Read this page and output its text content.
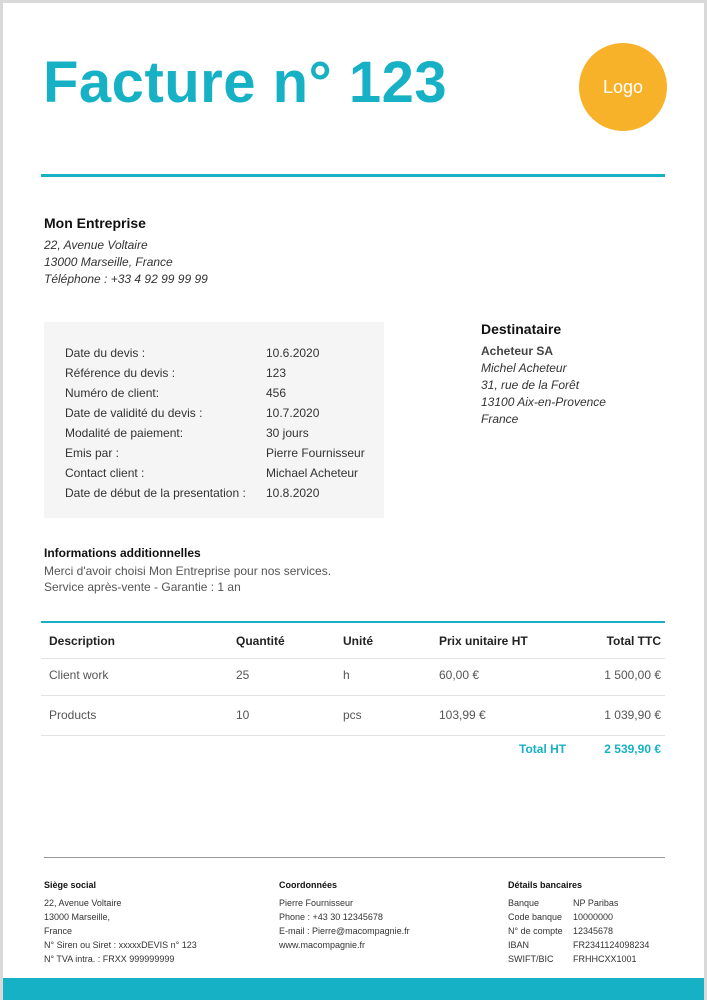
Facture n° 123	Logo
Mon Entreprise
22, Avenue Voltaire
13000 Marseille, France
Téléphone : +33 4 92 99 99 99
Date du devis :	10.6.2020
Référence du devis :	123
Numéro de client:	456
Date de validité du devis :	10.7.2020
Modalité de paiement:	30 jours
Emis par :	Pierre Fournisseur
Contact client :	Michael Acheteur
Date de début de la presentation : 10.8.2020
Destinataire
Acheteur SA
Michel Acheteur
31, rue de la Forêt
13100 Aix-en-Provence
France
Informations additionnelles
Merci d'avoir choisi Mon Entreprise pour nos services.
Service après-vente - Garantie : 1 an
Description	Quantité	Unité	Prix unitaire HT	Total TTC
Client work	25	h	60,00 €	1 500,00 €
Products	10	pcs	103,99 €	1 039,90 €
Total HT	2 539,90 €
Siège social
22, Avenue Voltaire
13000 Marseille,
France
N° Siren ou Siret : xxxxxDEVIS n° 123
N° TVA intra. : FRXX 999999999
Coordonnées
Pierre Fournisseur
Phone : +43 30 12345678
E-mail : Pierre@macompagnie.fr
www.macompagnie.fr
Détails bancaires
Banque	NP Paribas
Code banque 10000000
N° de compte 12345678
IBAN	FR2341124098234
SWIFT/BIC FRHHCXX1001
